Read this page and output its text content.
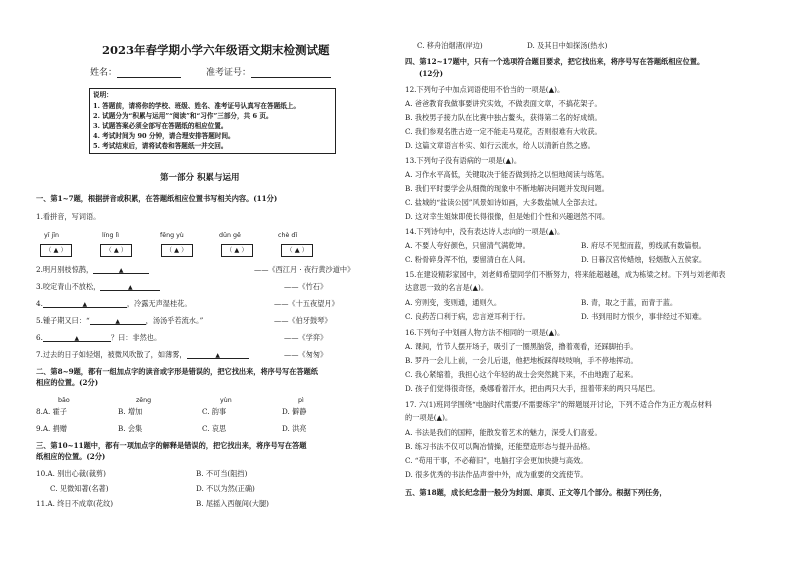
2023年春学期小学六年级语文期末检测试题
姓名：	准考证号：
说明：
1. 答题前，请将你的学校、班级、姓名、准考证号认真写在答题纸上。
2. 试题分为“积累与运用”“阅读”和“习作”三部分，共 6 页。
3. 试题答案必须全部写在答题纸的相应位置。
4. 考试时间为 90 分钟，请合理安排答题时间。
5. 考试结束后，请将试卷和答题纸一并交回。
第一部分 积累与运用
一、第1~7题，根据拼音或积累，在答题纸相应位置书写相关内容。(11分)
1.看拼音，写词语。
yī jīn	líng lì	fēng yù	dūn gē	chè dǐ
（ ▲ ）	（ ▲ ）	（ ▲ ）	（ ▲ ）	（ ▲ ）
2.明月别枝惊鹊，	▲	——《西江月 · 夜行黄沙道中》
3.咬定青山不放松，	▲	——《竹石》
4.	▲	，冷露无声湿桂花。	——《十五夜望月》
5.锺子期又曰：“	▲	，汤汤乎若流水。”	——《伯牙鼓琴》
6.	▲	？曰：非然也。	——《学弈》
7.过去的日子如轻烟，被微风吹散了，如薄雾，	▲	——《匆匆》
二、第8~9题，都有一组加点字的读音或字形是错误的，把它找出来，将序号写在答题纸
相应的位置。(2分)
bāo	zēng	yùn	pì
8.A. 霍子	B. 增加	C. 韵事	D. 僻静
9.A. 捐赠	B. 会集	C. 哀思	D. 洪亮
三、第10~11题中，都有一项加点字的解释是错误的，把它找出来，将序号写在答题
纸相应的位置。(2分)
10.A. 别出心裁(裁剪)	B. 不可当(阻挡)
C. 见微知著(名著)	D. 不以为然(正确)
11.A. 终日不成章(花纹)	B. 尾摇入西舰间(大腿)
C. 移舟泊烟渚(岸边)	D. 及其日中如探汤(热水)
四、第12~17题中，只有一个选项符合题目要求，把它找出来，将序号写在答题纸相应位置。
(12分)
12.下列句子中加点词语使用不恰当的一项是(▲)。
A. 爸爸教育我做事要讲究实效，不做表面文章，不搞花架子。
B. 我校男子接力队在比赛中独占鳌头，获得第二名的好成绩。
C. 我们参观名胜古迹一定不能走马观花，否则很难有大收获。
D. 这篇文章语言朴实、如行云流水，给人以清新自然之感。
13.下列句子没有语病的一项是(▲)。
A. 习作水平高低，关键取决于能否做到持之以恒地阅读与练笔。
B. 我们平时要学会从细微的现象中不断地解决问题并发现问题。
C. 盐城的“盐读公园”风景如诗如画，大多数盐城人全部去过。
D. 这对幸生姐妹即使长得很像，但是她们个性和兴趣迥然不同。
14.下列诗句中，没有表达诗人志向的一项是(▲)。
A. 不要人夸好颜色，只留清气满乾坤。	B. 府尽不见堑而蓝，剪线贰有数篇根。
C. 粉骨碎身浑不怕，要留清白在人间。	D. 日暮汉宫传蜡烛，轻烟散入五侯家。
15.在建设精彩家园中，刘老师希望同学们不断努力，将来能超越越，成为栋梁之材。下列与刘老师表
达意思一致的名言是(▲)。
A. 穷则变，变则通，通则久。	B. 青，取之于蓝，而青于蓝。
C. 良药苦口利于病，忠言逆耳利于行。	D. 书到用时方恨少，事非经过不知难。
16.下列句子中划画人物方法不相同的一项是(▲)。
A. 课间，竹节人摆开场子，吸引了一圈黑脑袋，撸着观看，还踩脚拍手。
B. 罗丹一会儿上前，一会儿后退，他把地板踩得吱吱响，手不停地挥动。
C. 我心紧缩着，我担心这个年轻的战士会突然跳下来，不由地跑了起来。
D. 孩子们觉得很奇怪，桑娜看着汗水，把由两只大手，扭着带来的两只马尾巴。
17. 六(1)班同学围绕“电脑时代需要/不需要练字”的辩题展开讨论，下列不适合作为正方观点材料
的一项是(▲)。
A. 书法是我们的国粹，能散发着艺术的魅力，深受人们喜爱。
B. 练习书法不仅可以陶冶情操，还能塑造形态与提升品格。
C. “苟用干事，不必藉旧”，电脑打字会更加快捷与高效。
D. 很多优秀的书法作品声誉中外，成为重要的交流使节。
五、第18题，成长纪念册一般分为封面、扉页、正文等几个部分。根据下列任务，
